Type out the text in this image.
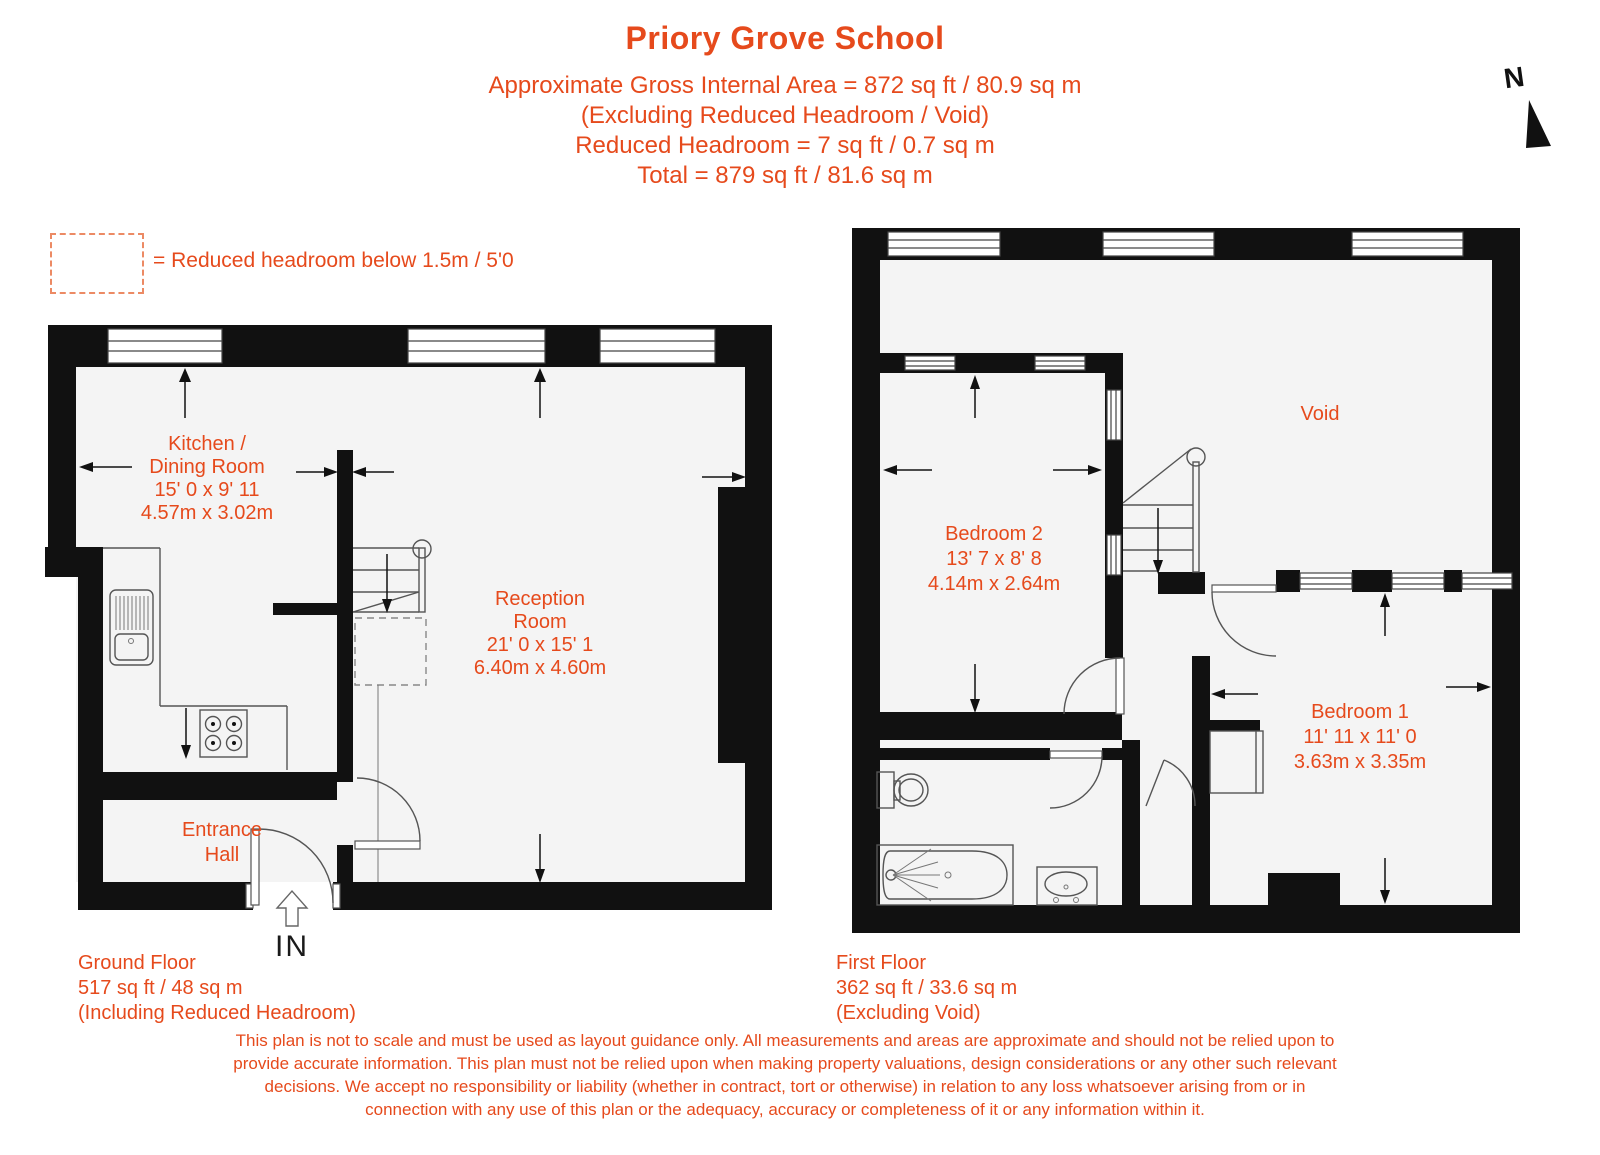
Priory Grove School
Approximate Gross Internal Area = 872 sq ft / 80.9 sq m
(Excluding Reduced Headroom / Void)
Reduced Headroom = 7 sq ft / 0.7 sq m
Total = 879 sq ft / 81.6 sq m
= Reduced headroom below 1.5m / 5'0
N
Kitchen /
Dining Room
15' 0 x 9' 11
4.57m x 3.02m
Reception
Room
21' 0 x 15' 1
6.40m x 4.60m
Entrance
Hall
IN
Bedroom 2
13' 7 x 8' 8
4.14m x 2.64m
Bedroom 1
11' 11 x 11' 0
3.63m x 3.35m
Void
Ground Floor
517 sq ft / 48 sq m
(Including Reduced Headroom)
First Floor
362 sq ft / 33.6 sq m
(Excluding Void)
This plan is not to scale and must be used as layout guidance only. All measurements and areas are approximate and should not be relied upon to
provide accurate information. This plan must not be relied upon when making property valuations, design considerations or any other such relevant
decisions. We accept no responsibility or liability (whether in contract, tort or otherwise) in relation to any loss whatsoever arising from or in
connection with any use of this plan or the adequacy, accuracy or completeness of it or any information within it.
